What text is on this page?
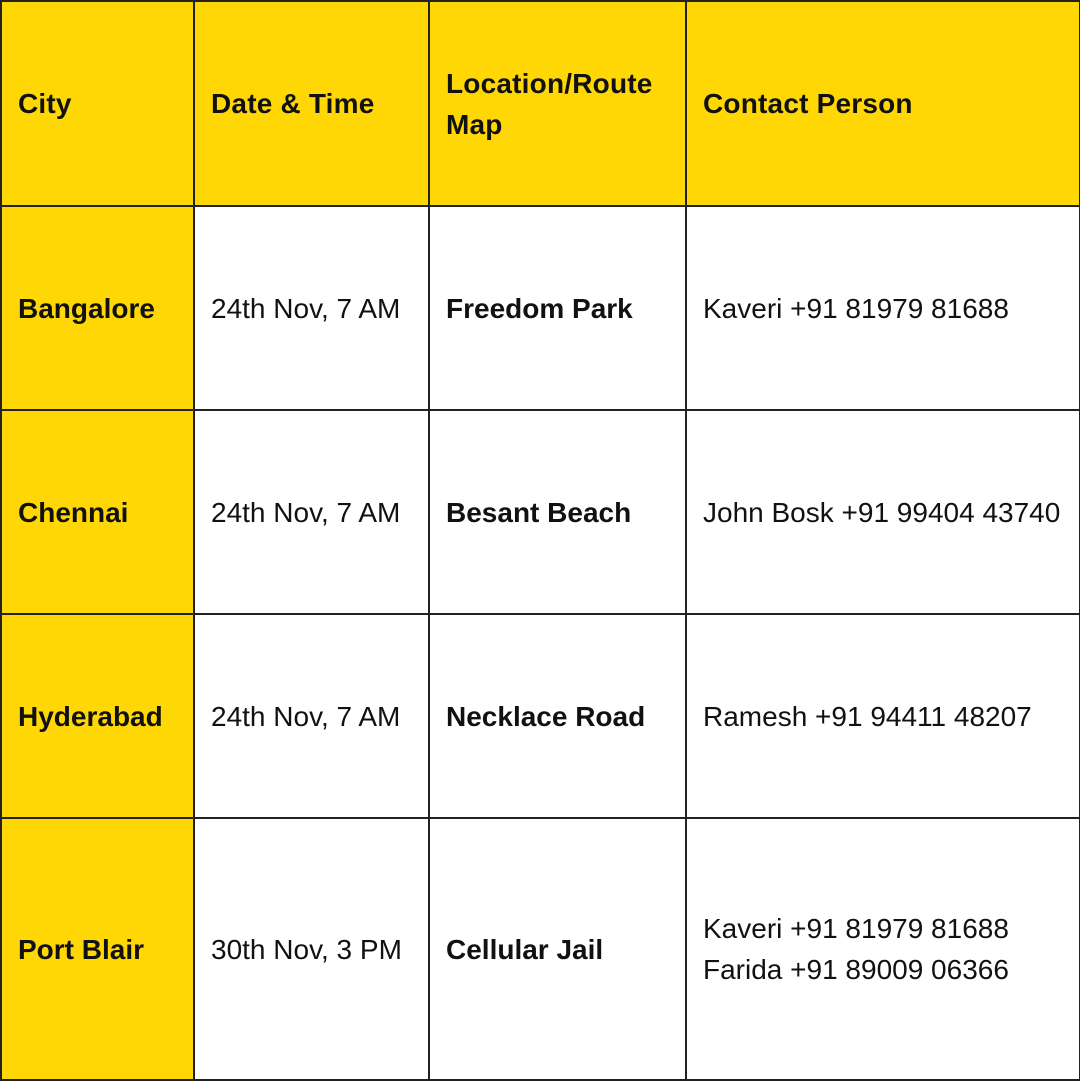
City	Date & Time	Location/Route Map	Contact Person
Bangalore	24th Nov, 7 AM	Freedom Park	Kaveri +91 81979 81688

Chennai	24th Nov, 7 AM	Besant Beach	John Bosk +91 99404 43740

Hyderabad	24th Nov, 7 AM	Necklace Road	Ramesh +91 94411 48207

Port Blair	30th Nov, 3 PM	Cellular Jail	Kaveri +91 81979 81688
Farida +91 89009 06366
